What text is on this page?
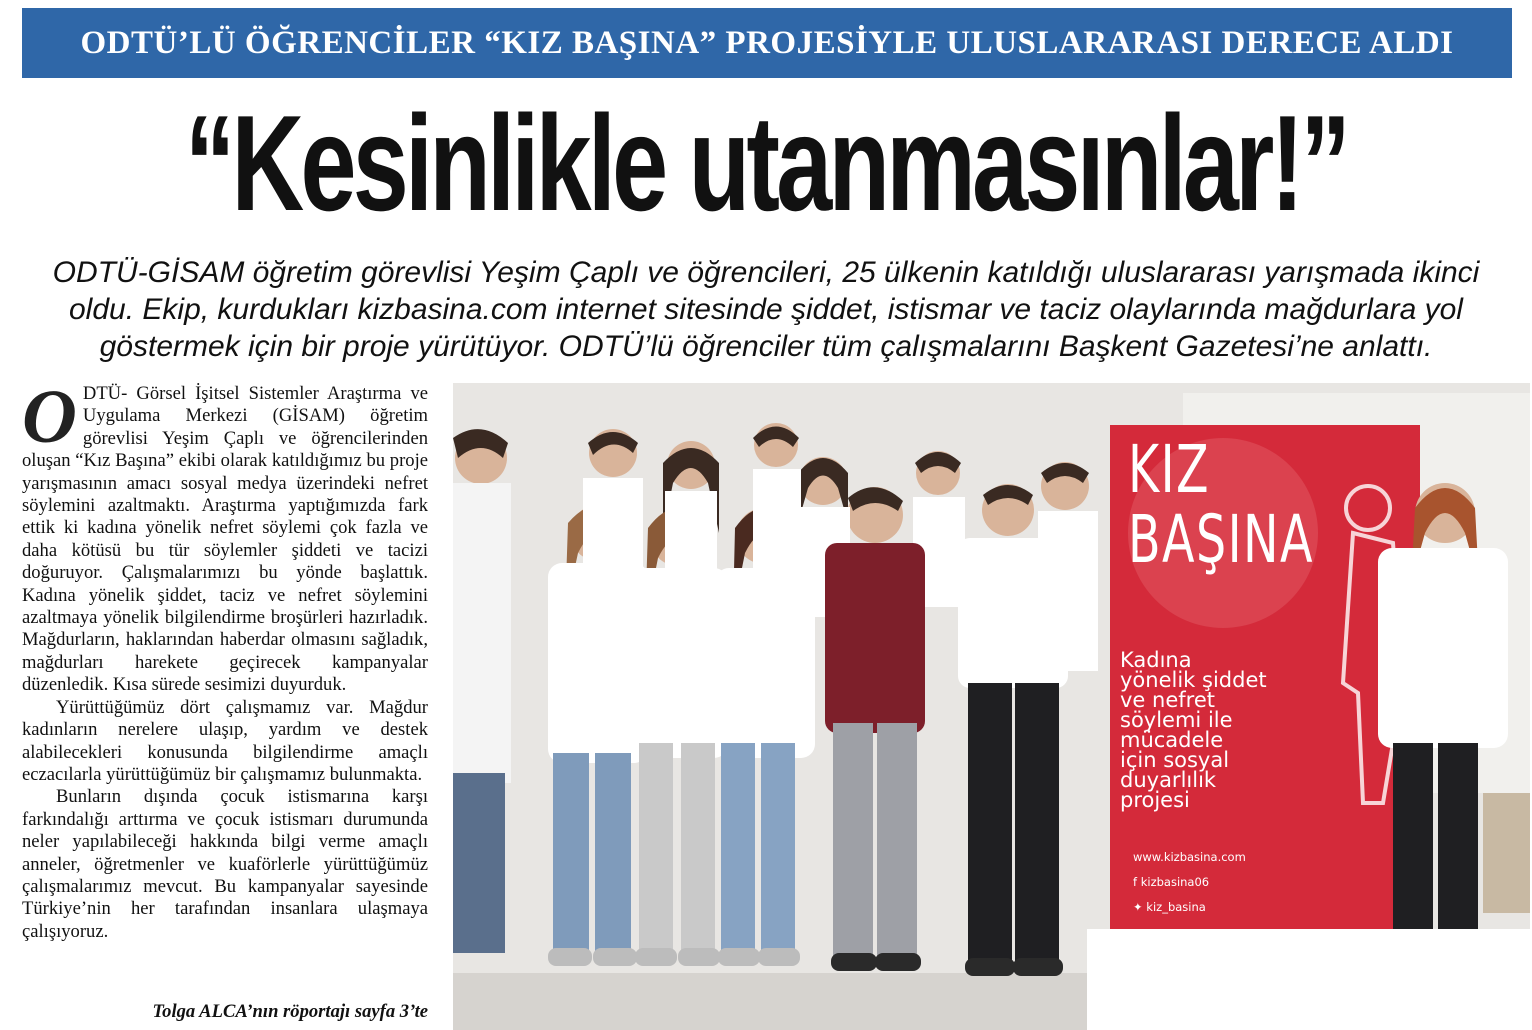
ODTÜ’LÜ ÖĞRENCİLER “KIZ BAŞINA” PROJESİYLE ULUSLARARASI DERECE ALDI
“Kesinlikle utanmasınlar!”
ODTÜ-GİSAM öğretim görevlisi Yeşim Çaplı ve öğrencileri, 25 ülkenin katıldığı uluslararası yarışmada ikinci
oldu. Ekip, kurdukları kizbasina.com internet sitesinde şiddet, istismar ve taciz olaylarında mağdurlara yol
göstermek için bir proje yürütüyor. ODTÜ’lü öğrenciler tüm çalışmalarını Başkent Gazetesi’ne anlattı.

ODTÜ- Görsel İşitsel Sistemler Araştırma ve Uygulama Merkezi (GİSAM) öğretim görevlisi Yeşim Çaplı ve öğrencilerinden oluşan “Kız Başına” ekibi olarak katıldığımız bu proje yarışmasının amacı sosyal medya üzerindeki nefret söylemini azaltmaktı. Araştırma yaptığımızda fark ettik ki kadına yönelik nefret söylemi çok fazla ve daha kötüsü bu tür söylemler şiddeti ve tacizi doğuruyor. Çalışmalarımızı bu yönde başlattık. Kadına yönelik şiddet, taciz ve nefret söylemini azaltmaya yönelik bilgilendirme broşürleri hazırladık. Mağdurların, haklarından haberdar olmasını sağladık, mağdurları harekete geçirecek kampanyalar düzenledik. Kısa sürede sesimizi duyurduk.

Yürüttüğümüz dört çalışmamız var. Mağdur kadınların nerelere ulaşıp, yardım ve destek alabilecekleri konusunda bilgilendirme amaçlı eczacılarla yürüttüğümüz bir çalışmamız bulunmakta.

Bunların dışında çocuk istismarına karşı farkındalığı arttırma ve çocuk istismarı durumunda neler yapılabileceği hakkında bilgi verme amaçlı anneler, öğretmenler ve kuaförlerle yürüttüğümüz çalışmalarımız mevcut. Bu kampanyalar sayesinde Türkiye’nin her tarafından insanlara ulaşmaya çalışıyoruz.

Tolga ALCA’nın röportajı sayfa 3’te
KIZ
BAŞINA
Kadına
yönelik şiddet
ve nefret
söylemi ile
mücadele
için sosyal
duyarlılık
projesi
www.kizbasina.com
f kizbasina06
✦ kiz_basina
